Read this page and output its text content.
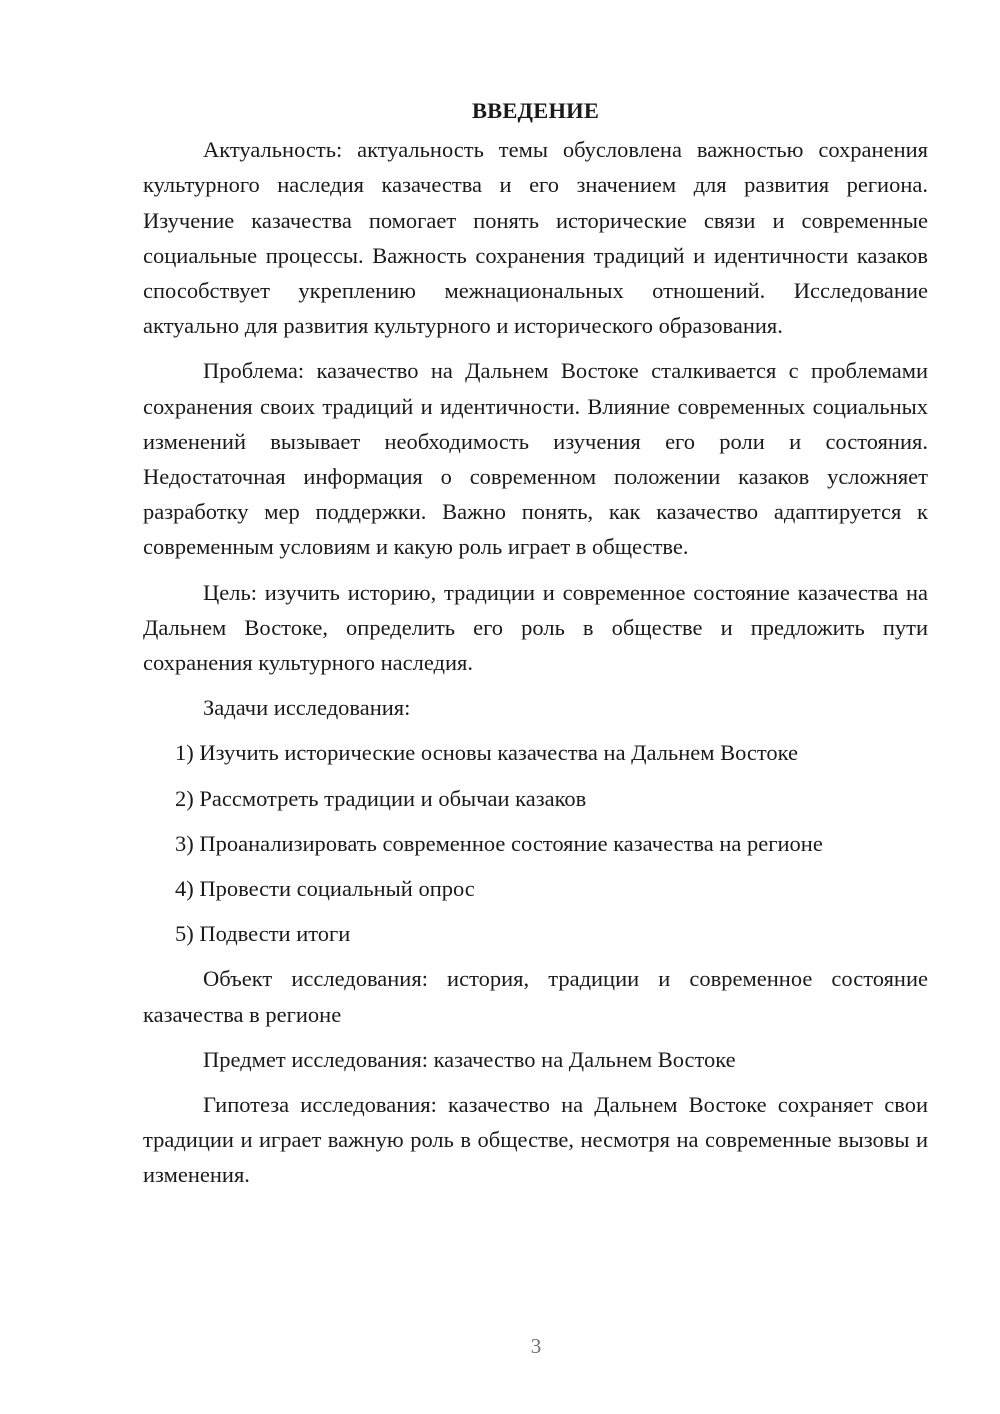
ВВЕДЕНИЕ

Актуальность: актуальность темы обусловлена важностью сохранения культурного наследия казачества и его значением для развития региона. Изучение казачества помогает понять исторические связи и современные социальные процессы. Важность сохранения традиций и идентичности казаков способствует укреплению межнациональных отношений. Исследование актуально для развития культурного и исторического образования.

Проблема: казачество на Дальнем Востоке сталкивается с проблемами сохранения своих традиций и идентичности. Влияние современных социальных изменений вызывает необходимость изучения его роли и состояния. Недостаточная информация о современном положении казаков усложняет разработку мер поддержки. Важно понять, как казачество адаптируется к современным условиям и какую роль играет в обществе.

Цель: изучить историю, традиции и современное состояние казачества на Дальнем Востоке, определить его роль в обществе и предложить пути сохранения культурного наследия.

Задачи исследования:

1) Изучить исторические основы казачества на Дальнем Востоке
2) Рассмотреть традиции и обычаи казаков
3) Проанализировать современное состояние казачества на регионе
4) Провести социальный опрос
5) Подвести итоги

Объект исследования: история, традиции и современное состояние казачества в регионе

Предмет исследования: казачество на Дальнем Востоке

Гипотеза исследования: казачество на Дальнем Востоке сохраняет свои традиции и играет важную роль в обществе, несмотря на современные вызовы и изменения.

3
